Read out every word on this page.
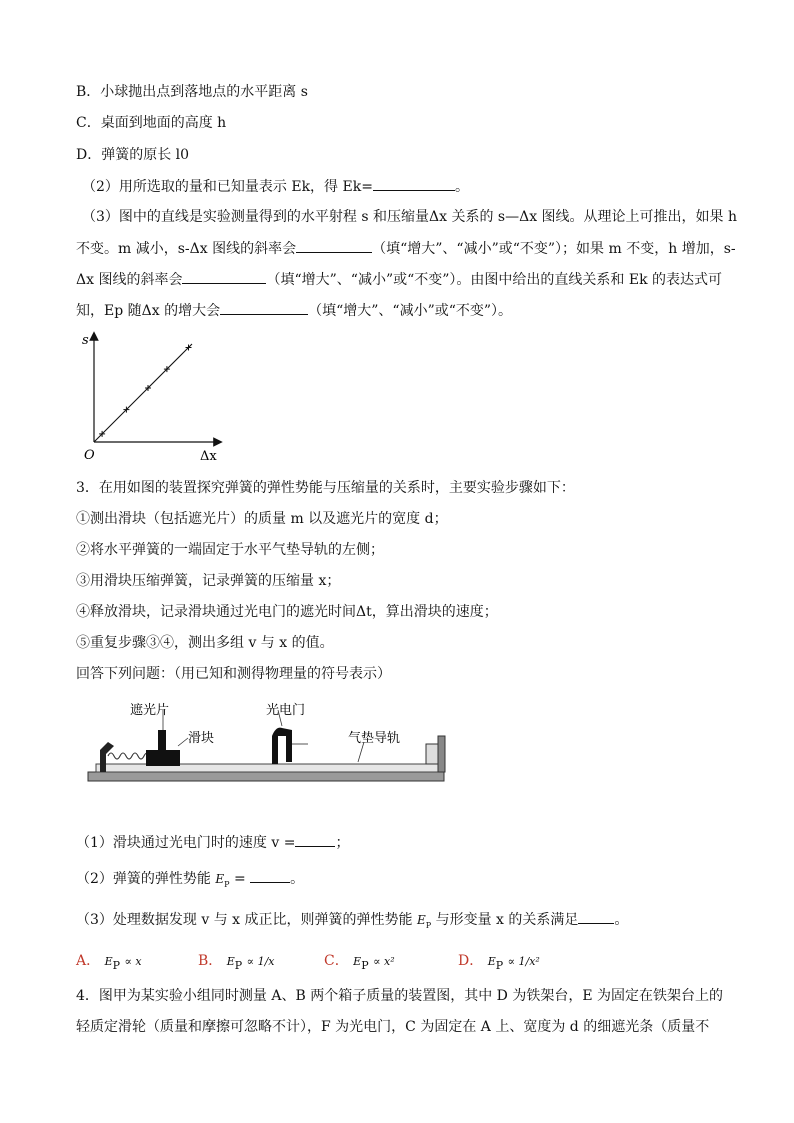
B．小球抛出点到落地点的水平距离 s
C．桌面到地面的高度 h
D．弹簧的原长 l0
（2）用所选取的量和已知量表示 Ek，得 Ek=	。
（3）图中的直线是实验测量得到的水平射程 s 和压缩量Δx 关系的 s—Δx 图线。从理论上可推出，如果 h
不变。m 减小，s-Δx 图线的斜率会	（填“增大”、“减小”或“不变”）；如果 m 不变，h 增加，s-
Δx 图线的斜率会	（填“增大”、“减小”或“不变”）。由图中给出的直线关系和 Ek 的表达式可
知，Ep 随Δx 的增大会	（填“增大”、“减小”或“不变”）。
s
O	Δx
3．在用如图的装置探究弹簧的弹性势能与压缩量的关系时，主要实验步骤如下：
①测出滑块（包括遮光片）的质量 m 以及遮光片的宽度 d；
②将水平弹簧的一端固定于水平气垫导轨的左侧；
③用滑块压缩弹簧，记录弹簧的压缩量 x；
④释放滑块，记录滑块通过光电门的遮光时间Δt，算出滑块的速度；
⑤重复步骤③④，测出多组 v 与 x 的值。
回答下列问题：（用已知和测得物理量的符号表示）
遮光片
滑块
光电门
气垫导轨
（1）滑块通过光电门时的速度 v =	；
（2）弹簧的弹性势能 $E_P$ =	。
（3）处理数据发现 v 与 x 成正比，则弹簧的弹性势能 $E_P$ 与形变量 x 的关系满足	。
A． $E_P \propto x$	B． $E_P \propto 1/x$	C． $E_P \propto x^2$	D． $E_P \propto 1/x^2$
4．图甲为某实验小组同时测量 A、B 两个箱子质量的装置图，其中 D 为铁架台，E 为固定在铁架台上的
轻质定滑轮（质量和摩擦可忽略不计），F 为光电门，C 为固定在 A 上、宽度为 d 的细遮光条（质量不
